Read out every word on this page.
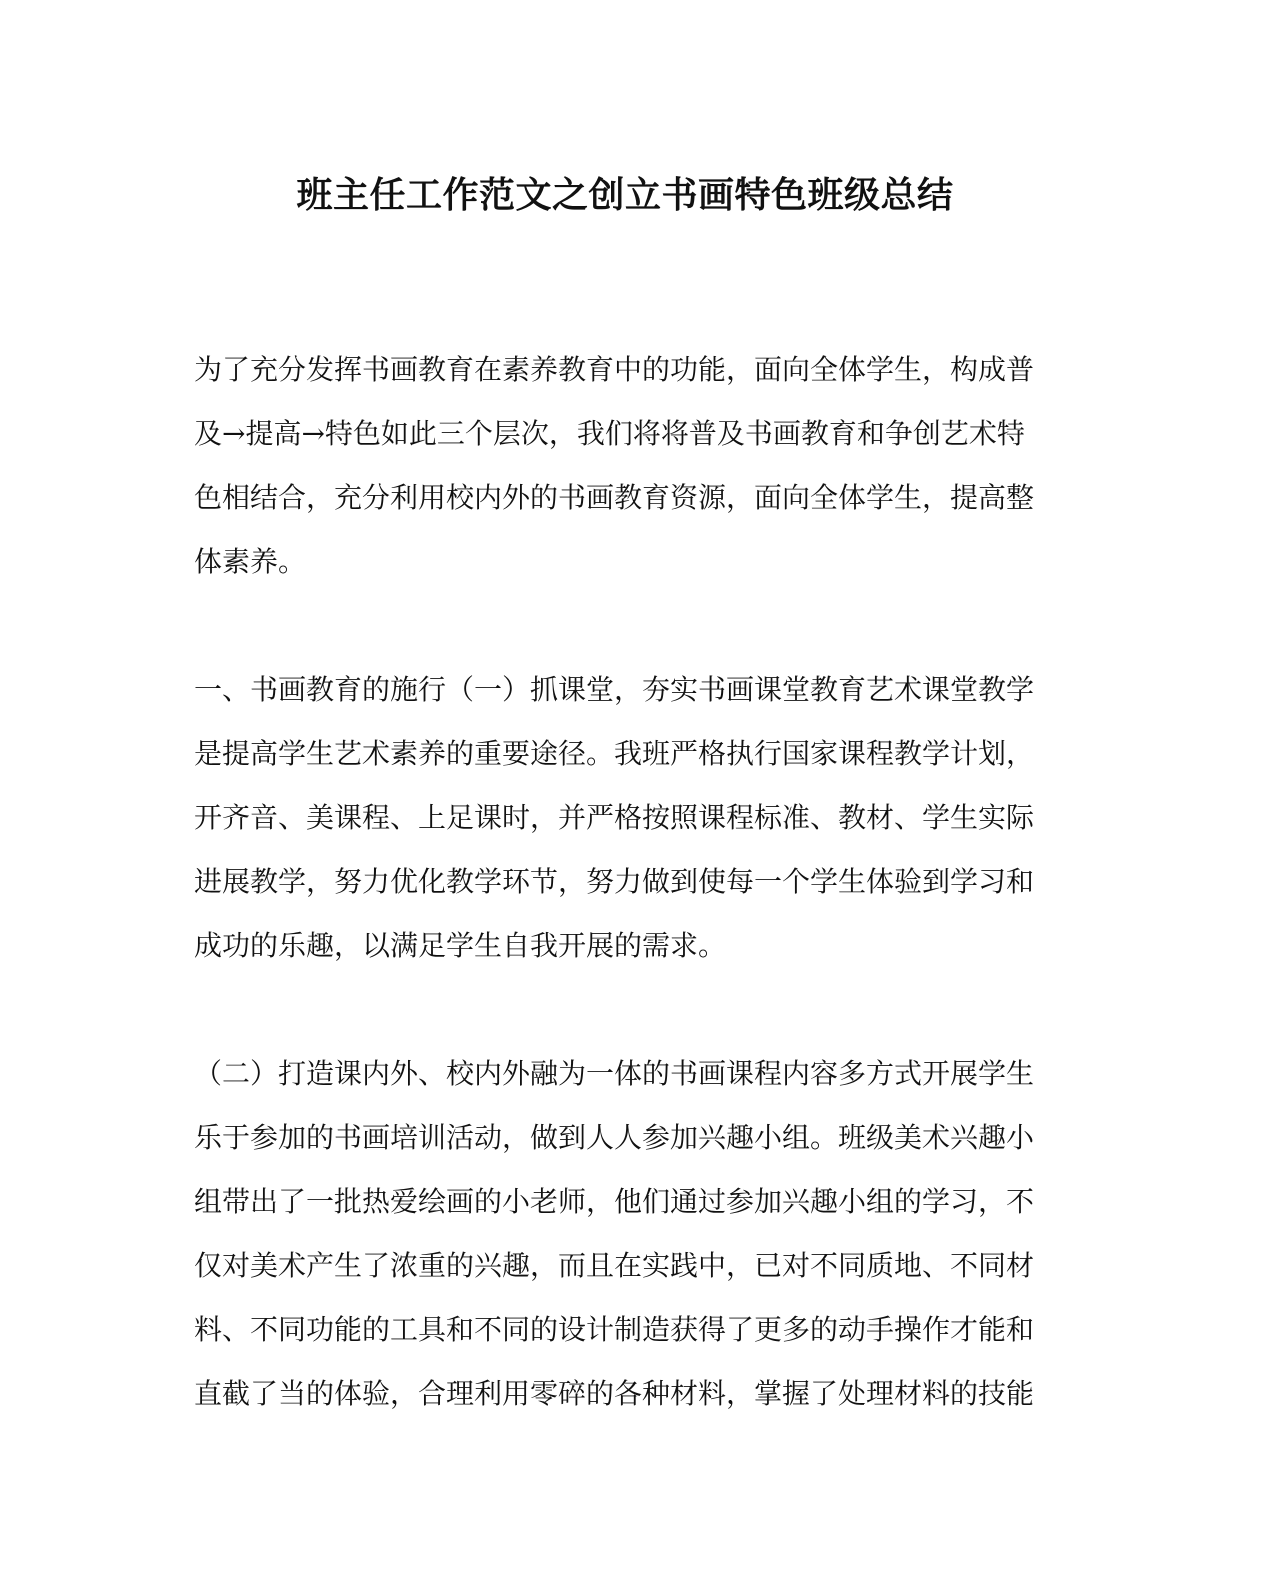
班主任工作范文之创立书画特色班级总结

为了充分发挥书画教育在素养教育中的功能，面向全体学生，构成普

及→提高→特色如此三个层次，我们将将普及书画教育和争创艺术特

色相结合，充分利用校内外的书画教育资源，面向全体学生，提高整

体素养。

一、书画教育的施行（一）抓课堂，夯实书画课堂教育艺术课堂教学

是提高学生艺术素养的重要途径。我班严格执行国家课程教学计划，

开齐音、美课程、上足课时，并严格按照课程标准、教材、学生实际

进展教学，努力优化教学环节，努力做到使每一个学生体验到学习和

成功的乐趣，以满足学生自我开展的需求。

（二）打造课内外、校内外融为一体的书画课程内容多方式开展学生

乐于参加的书画培训活动，做到人人参加兴趣小组。班级美术兴趣小

组带出了一批热爱绘画的小老师，他们通过参加兴趣小组的学习，不

仅对美术产生了浓重的兴趣，而且在实践中，已对不同质地、不同材

料、不同功能的工具和不同的设计制造获得了更多的动手操作才能和

直截了当的体验，合理利用零碎的各种材料，掌握了处理材料的技能
